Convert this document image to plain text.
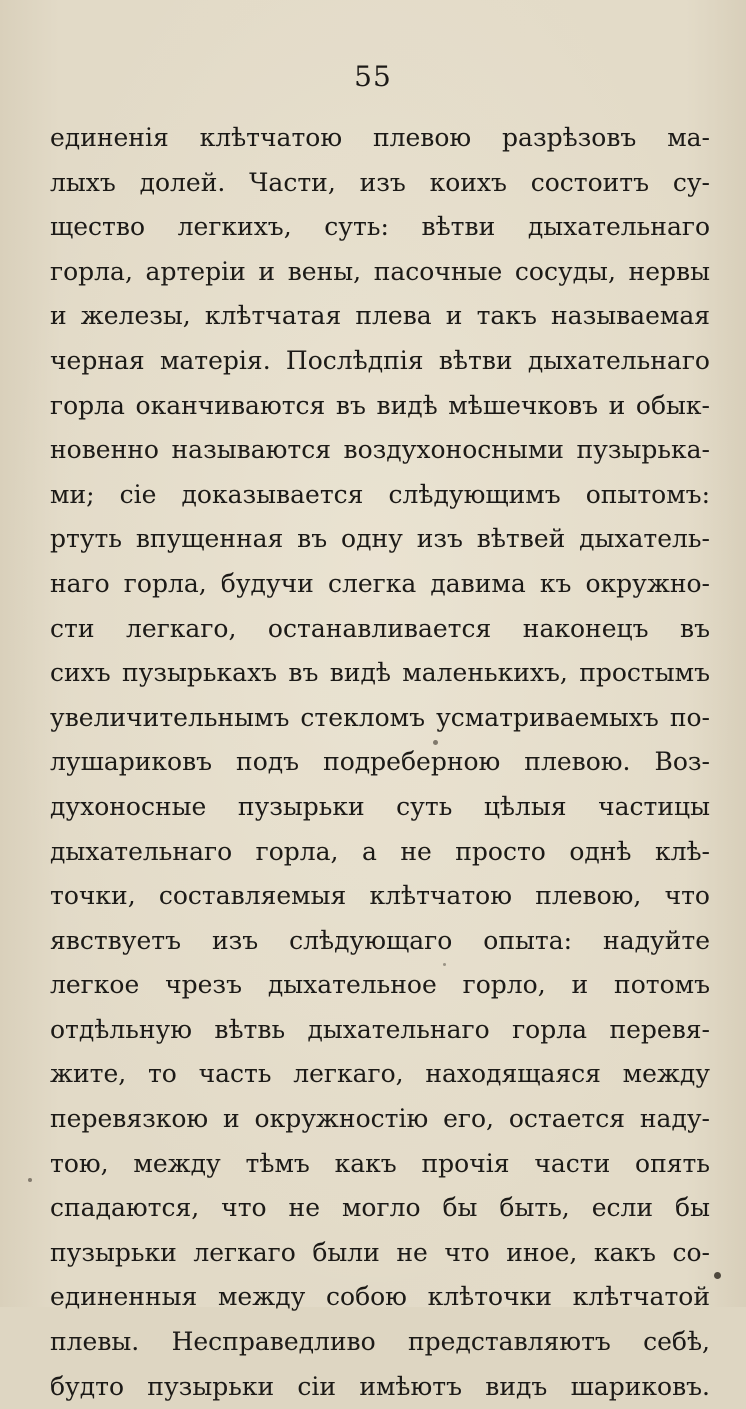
55
единенія клѣтчатою плевою разрѣзовъ ма-
лыхъ долей. Части, изъ коихъ состоитъ су-
щество легкихъ, суть: вѣтви дыхательнаго
горла, артеріи и вены, пасочные сосуды, нервы
и железы, клѣтчатая плева и такъ называемая
черная матерія. Послѣдпія вѣтви дыхательнаго
горла оканчиваются въ видѣ мѣшечковъ и обык-
новенно называются воздухоносными пузырька-
ми; сіе доказывается слѣдующимъ опытомъ:
ртуть впущенная въ одну изъ вѣтвей дыхатель-
наго горла, будучи слегка давима къ окружно-
сти легкаго, останавливается наконецъ въ
сихъ пузырькахъ въ видѣ маленькихъ, простымъ
увеличительнымъ стекломъ усматриваемыхъ по-
лушариковъ подъ подреберною плевою. Воз-
духоносные пузырьки суть цѣлыя частицы
дыхательнаго горла, а не просто однѣ клѣ-
точки, составляемыя клѣтчатою плевою, что
явствуетъ изъ слѣдующаго опыта: надуйте
легкое чрезъ дыхательное горло, и потомъ
отдѣльную вѣтвь дыхательнаго горла перевя-
жите, то часть легкаго, находящаяся между
перевязкою и окружностію его, остается наду-
тою, между тѣмъ какъ прочія части опять
спадаются, что не могло бы быть, если бы
пузырьки легкаго были не что иное, какъ со-
единенныя между собою клѣточки клѣтчатой
плевы. Несправедливо представляютъ себѣ,
будто пузырьки сіи имѣютъ видъ шариковъ.
